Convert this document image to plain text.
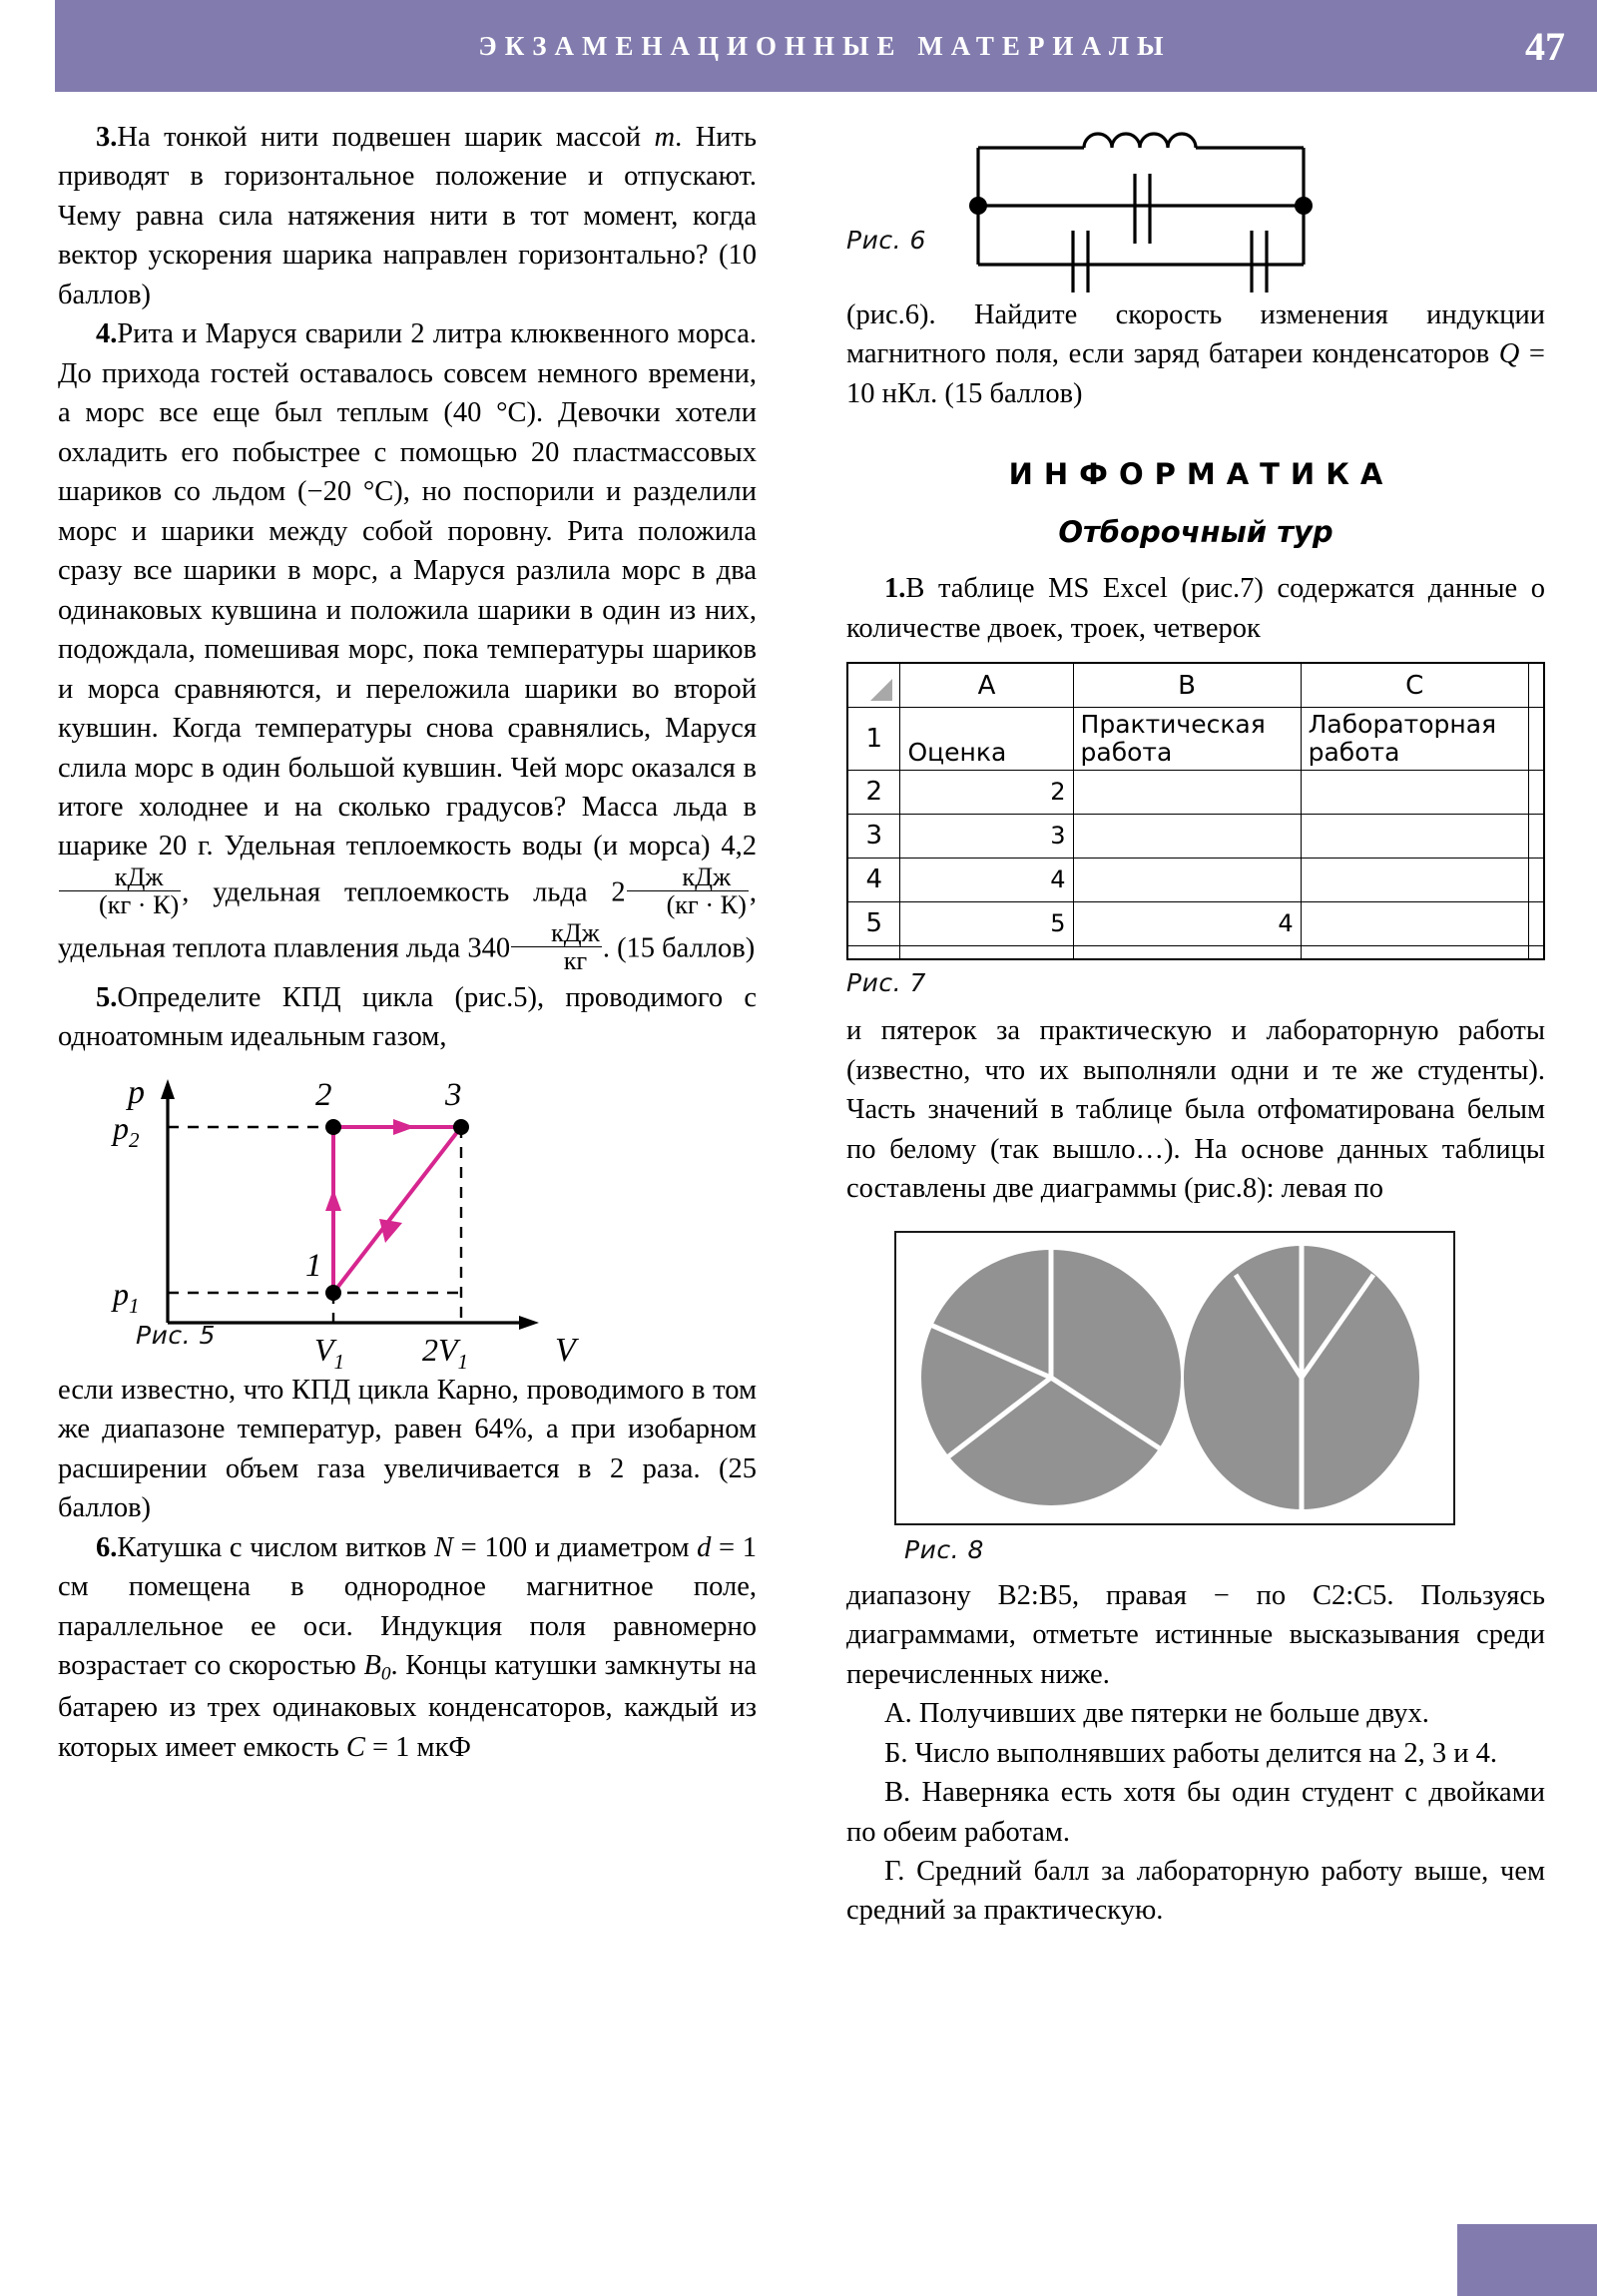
ЭКЗАМЕНАЦИОННЫЕ МАТЕРИАЛЫ	47

3.На тонкой нити подвешен шарик массой m. Нить приводят в горизонтальное положение и отпускают. Чему равна сила натяжения нити в тот момент, когда вектор ускорения шарика направлен горизонтально? (10 баллов)

4.Рита и Маруся сварили 2 литра клюквенного морса. До прихода гостей оставалось совсем немного времени, а морс все еще был теплым (40 °С). Девочки хотели охладить его побыстрее с помощью 20 пластмассовых шариков со льдом (−20 °С), но поспорили и разделили морс и шарики между собой поровну. Рита положила сразу все шарики в морс, а Маруся разлила морс в два одинаковых кувшина и положила шарики в один из них, подождала, помешивая морс, пока температуры шариков и морса сравняются, и переложила шарики во второй кувшин. Когда температуры снова сравнялись, Маруся слила морс в один большой кувшин. Чей морс оказался в итоге холоднее и на сколько градусов? Масса льда в шарике 20 г. Удельная теплоемкость воды (и морса) 4,2
$\frac{\text{кДж}}{(кг \cdot К)}$ , удельная теплоемкость льда $2 \frac{\text{кДж}}{(кг \cdot К)}$ , удельная теплота плавления льда $340 \frac{\text{кДж}}{кг}$ . (15 баллов)

5.Определите КПД цикла (рис.5), проводимого с одноатомным идеальным газом,

p
V
$p_2$
$p_1$
$V_1$ $2V_1$
2	3
1
Рис. 5

если известно, что КПД цикла Карно, проводимого в том же диапазоне температур, равен 64%, а при изобарном расширении объем газа увеличивается в 2 раза. (25 баллов)

6.Катушка с числом витков N = 100 и диаметром d = 1 см помещена в однородное магнитное поле, параллельное ее оси. Индукция поля равномерно возрастает со скоростью $B_0$. Концы катушки замкнуты на батарею из трех одинаковых конденсаторов, каждый из которых имеет емкость C = 1 мкФ

Рис. 6

(рис.6). Найдите скорость изменения индукции магнитного поля, если заряд батареи конденсаторов Q = 10 нКл. (15 баллов)

ИНФОРМАТИКА
Отборочный тур

1.В таблице MS Excel (рис.7) содержатся данные о количестве двоек, троек, четверок

	A	B	C	
1	Оценка	Практическая работа	Лабораторная работа	
2	2			
3	3			
4	4			
5	5	4		

Рис. 7

и пятерок за практическую и лабораторную работы (известно, что их выполняли одни и те же студенты). Часть значений в таблице была отфоматирована белым по белому (так вышло…). На основе данных таблицы составлены две диаграммы (рис.8): левая по

Рис. 8

диапазону B2:B5, правая − по C2:C5. Пользуясь диаграммами, отметьте истинные высказывания среди перечисленных ниже.

А. Получивших две пятерки не больше двух.

Б. Число выполнявших работы делится на 2, 3 и 4.

В. Наверняка есть хотя бы один студент с двойками по обеим работам.

Г. Средний балл за лабораторную работу выше, чем средний за практическую.
